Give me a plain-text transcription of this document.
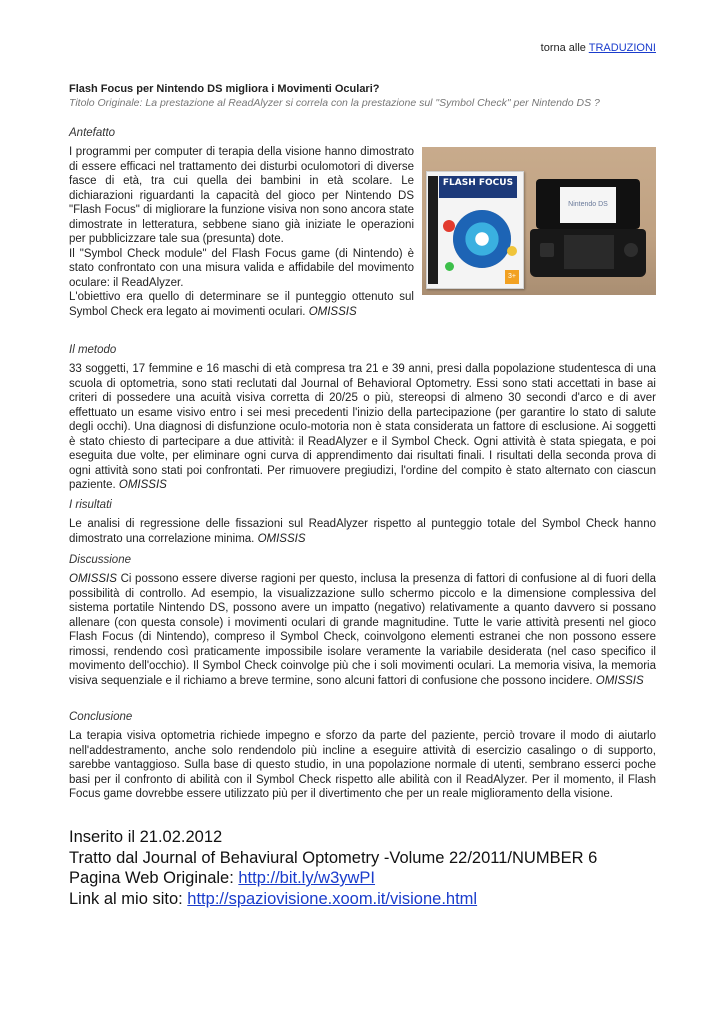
torna alle TRADUZIONI

Flash Focus per Nintendo DS migliora i Movimenti Oculari?

Titolo Originale: La prestazione al ReadAlyzer si correla con la prestazione sul "Symbol Check" per Nintendo DS ?

Antefatto

FLASH FOCUS
3+
Nintendo DS

I programmi per computer di terapia della visione hanno dimostrato di essere efficaci nel trattamento dei disturbi oculomotori di diverse fasce di età, tra cui quella dei bambini in età scolare. Le dichiarazioni riguardanti la capacità del gioco per Nintendo DS "Flash Focus" di migliorare la funzione visiva non sono ancora state dimostrate in letteratura, sebbene siano già iniziate le operazioni per pubblicizzare tale sua (presunta) dote.

Il "Symbol Check module" del Flash Focus game (di Nintendo) è stato confrontato con una misura valida e affidabile del movimento oculare: il ReadAlyzer.

L'obiettivo era quello di determinare se il punteggio ottenuto sul Symbol Check era legato ai movimenti oculari. OMISSIS

Il metodo

33 soggetti, 17 femmine e 16 maschi di età compresa tra 21 e 39 anni, presi dalla popolazione studentesca di una scuola di optometria, sono stati reclutati dal Journal of Behavioral Optometry. Essi sono stati accettati in base ai criteri di possedere una acuità visiva corretta di 20/25 o più, stereopsi di almeno 30 secondi d'arco e di aver effettuato un esame visivo entro i sei mesi precedenti l'inizio della partecipazione (per garantire lo stato di salute degli occhi). Una diagnosi di disfunzione oculo-motoria non è stata considerata un fattore di esclusione. Ai soggetti è stato chiesto di partecipare a due attività: il ReadAlyzer e il Symbol Check. Ogni attività è stata spiegata, e poi eseguita due volte, per eliminare ogni curva di apprendimento dai risultati finali. I risultati della seconda prova di ogni attività sono stati poi confrontati. Per rimuovere pregiudizi, l'ordine del compito è stato alternato con ciascun paziente. OMISSIS

I risultati

Le analisi di regressione delle fissazioni sul ReadAlyzer rispetto al punteggio totale del Symbol Check hanno dimostrato una correlazione minima. OMISSIS

Discussione

OMISSIS Ci possono essere diverse ragioni per questo, inclusa la presenza di fattori di confusione al di fuori della possibilità di controllo. Ad esempio, la visualizzazione sullo schermo piccolo e la dimensione complessiva del sistema portatile Nintendo DS, possono avere un impatto (negativo) relativamente a quanto davvero si possano allenare (con questa console) i movimenti oculari di grande magnitudine. Tutte le varie attività presenti nel gioco Flash Focus (di Nintendo), compreso il Symbol Check, coinvolgono elementi estranei che non possono essere rimossi, rendendo così praticamente impossibile isolare veramente la variabile desiderata (nel caso specifico il movimento dell'occhio). Il Symbol Check coinvolge più che i soli movimenti oculari. La memoria visiva, la memoria visiva sequenziale e il richiamo a breve termine, sono alcuni fattori di confusione che possono incidere. OMISSIS

Conclusione

La terapia visiva optometria richiede impegno e sforzo da parte del paziente, perciò trovare il modo di aiutarlo nell'addestramento, anche solo rendendolo più incline a eseguire attività di esercizio casalingo o di supporto, sarebbe vantaggioso. Sulla base di questo studio, in una popolazione normale di utenti, sembrano esserci poche basi per il confronto di abilità con il Symbol Check rispetto alle abilità con il ReadAlyzer. Per il momento, il Flash Focus game dovrebbe essere utilizzato più per il divertimento che per un reale miglioramento della visione.

Inserito il 21.02.2012

Tratto dal Journal of Behaviural Optometry -Volume 22/2011/NUMBER 6

Pagina Web Originale: http://bit.ly/w3ywPI

Link al mio sito: http://spaziovisione.xoom.it/visione.html
